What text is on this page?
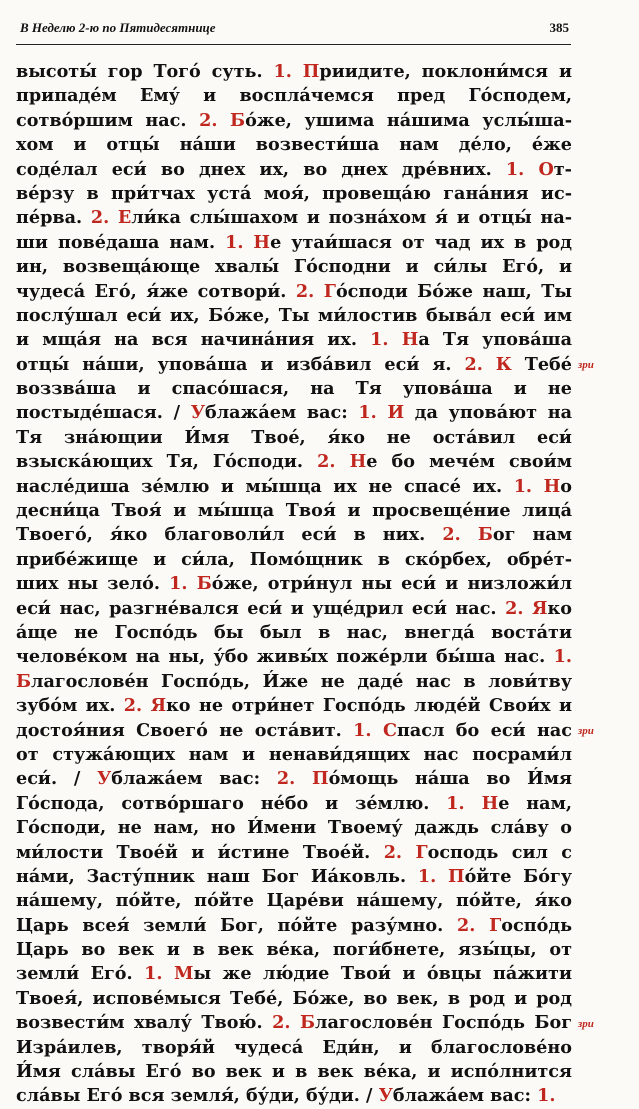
В Неделю 2-ю по Пятидесятнице	385
высоты́ гор Того́ суть. 1. Приидите, поклони́мся и
припаде́м Ему́ и воспла́чемся пред Го́сподем,
сотво́ршим нас. 2. Бо́же, ушима на́шима услы́ша-
хом и отцы́ на́ши возвести́ша нам де́ло, е́же
соде́лал еси́ во днех их, во днех дре́вних. 1. От-
ве́рзу в при́тчах уста́ моя́, провеща́ю гана́ния ис-
пе́рва. 2. Ели́ка слы́шахом и позна́хом я́ и отцы́ на-
ши пове́даша нам. 1. Не утаи́шася от чад их в род
ин, возвеща́юще хвалы́ Го́сподни и си́лы Его́, и
чудеса́ Его́, я́же сотвори́. 2. Го́споди Бо́же наш, Ты
послу́шал еси́ их, Бо́же, Ты ми́лостив быва́л еси́ им
и мща́я на вся начина́ния их. 1. На Тя упова́ша
отцы́ на́ши, упова́ша и изба́вил еси́ я. 2. К Тебе́
воззва́ша и спасо́шася, на Тя упова́ша и не
постыде́шася. / Ублажа́ем вас: 1. И да упова́ют на
Тя зна́ющии И́мя Твое́, я́ко не оста́вил еси́
взыска́ющих Тя, Го́споди. 2. Не бо мече́м свои́м
насле́диша зе́млю и мы́шца их не спасе́ их. 1. Но
десни́ца Твоя́ и мы́шца Твоя́ и просвеще́ние лица́
Твоего́, я́ко благоволи́л еси́ в них. 2. Бог нам
прибе́жище и си́ла, Помо́щник в ско́рбех, обре́т-
ших ны зело́. 1. Бо́же, отри́нул ны еси́ и низложи́л
еси́ нас, разгне́вался еси́ и уще́дрил еси́ нас. 2. Яко
а́ще не Госпо́дь бы был в нас, внегда́ воста́ти
челове́ком на ны, у́бо живы́х поже́рли бы́ша нас. 1.
Благослове́н Госпо́дь, И́же не даде́ нас в лови́тву
зубо́м их. 2. Яко не отри́нет Госпо́дь люде́й Свои́х и
достоя́ния Своего́ не оста́вит. 1. Спасл бо еси́ нас
от стужа́ющих нам и ненави́дящих нас посрами́л
еси́. / Ублажа́ем вас: 2. По́мощь на́ша во И́мя
Го́спода, сотво́ршаго не́бо и зе́млю. 1. Не нам,
Го́споди, не нам, но И́мени Твоему́ даждь сла́ву о
ми́лости Твое́й и и́стине Твое́й. 2. Господь сил с
на́ми, Засту́пник наш Бог Иа́ковль. 1. По́йте Бо́гу
на́шему, по́йте, по́йте Царе́ви на́шему, по́йте, я́ко
Царь всея́ земли́ Бог, по́йте разу́мно. 2. Госпо́дь
Царь во век и в век ве́ка, поги́бнете, язы́цы, от
земли́ Его́. 1. Мы же лю́дие Твои́ и о́вцы па́жити
Твоея́, испове́мыся Тебе́, Бо́же, во век, в род и род
возвести́м хвалу́ Твою́. 2. Благослове́н Госпо́дь Бог
Изра́илев, творя́й чудеса́ Еди́н, и благослове́но
И́мя сла́вы Его́ во век и в век ве́ка, и испо́лнится
сла́вы Его́ вся земля́, бу́ди, бу́ди. / Ублажа́ем вас: 1.
зри
зри
зри
